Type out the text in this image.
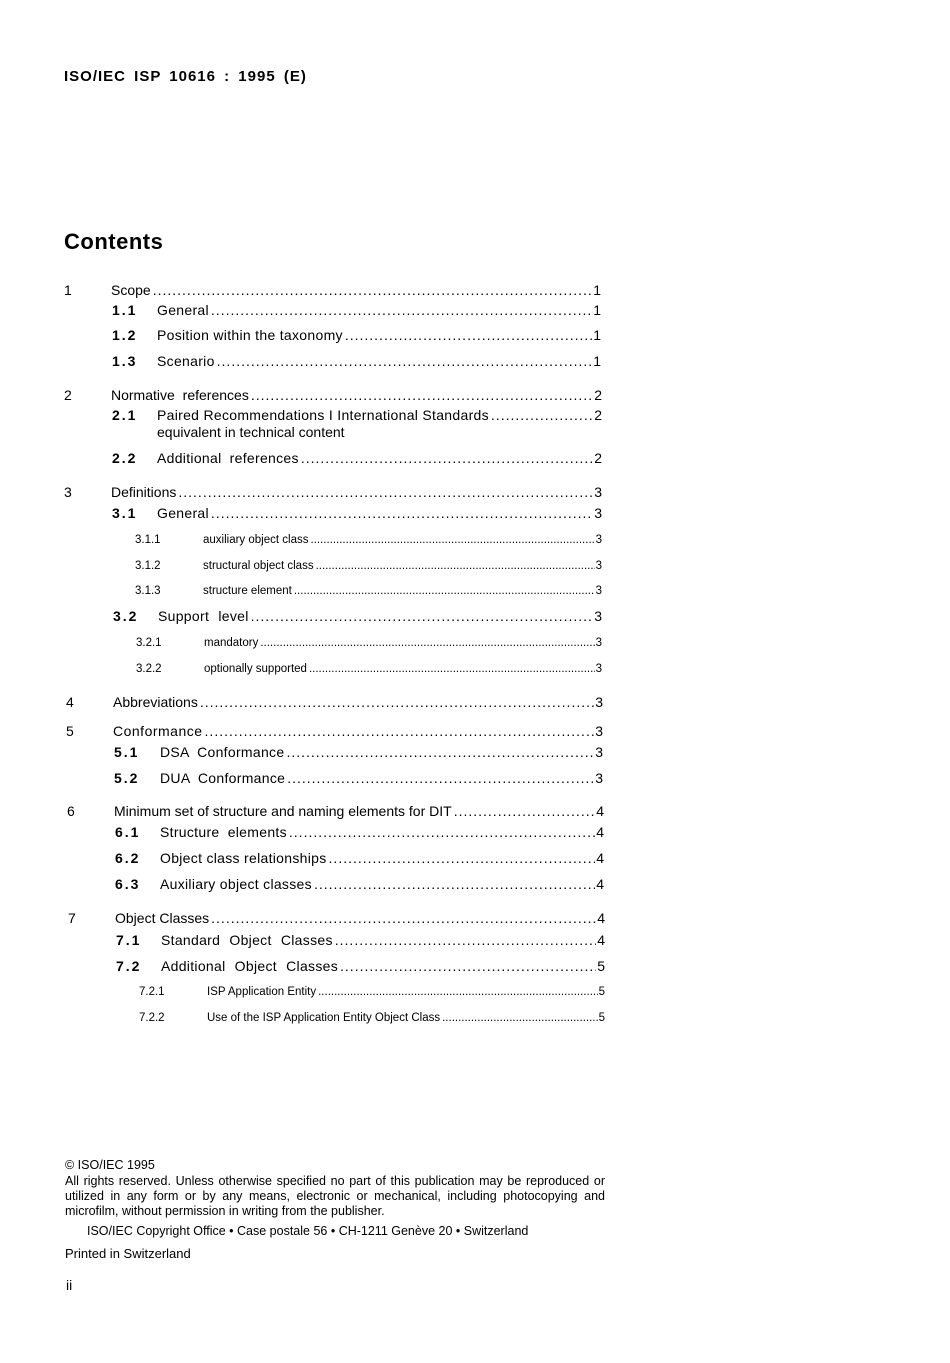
ISO/IEC ISP 10616 : 1995 (E)
Contents
1	Scope .....	1
1.1 General .....	1
1.2 Position within the taxonomy .....	1
1.3 Scenario .....	1
2	Normative references .....	2
2.1 Paired Recommendations I International Standards .....	2
equivalent in technical content
2.2 Additional references .....	2
3	Definitions .....	3
3.1 General .....	3
3.1.1	auxiliary object class .....	3
3.1.2	structural object class .....	3
3.1.3	structure element .....	3
3.2 Support level .....	3
3.2.1	mandatory .....	3
3.2.2	optionally supported .....	3
4	Abbreviations .....	3
5	Conformance .....	3
5.1 DSA Conformance .....	3
5.2 DUA Conformance .....	3
6	Minimum set of structure and naming elements for DIT .....	4
6.1 Structure elements .....	4
6.2 Object class relationships .....	4
6.3 Auxiliary object classes .....	4
7	Object Classes .....	4
7.1 Standard Object Classes .....	4
7.2 Additional Object Classes .....	5
7.2.1	ISP Application Entity .....	5
7.2.2	Use of the ISP Application Entity Object Class .....	5
© ISO/IEC 1995
All rights reserved. Unless otherwise specified no part of this publication may be reproduced or utilized in any form or by any means, electronic or mechanical, including photocopying and microfilm, without permission in writing from the publisher.
ISO/IEC Copyright Office • Case postale 56 • CH-1211 Genève 20 • Switzerland
Printed in Switzerland
ii
